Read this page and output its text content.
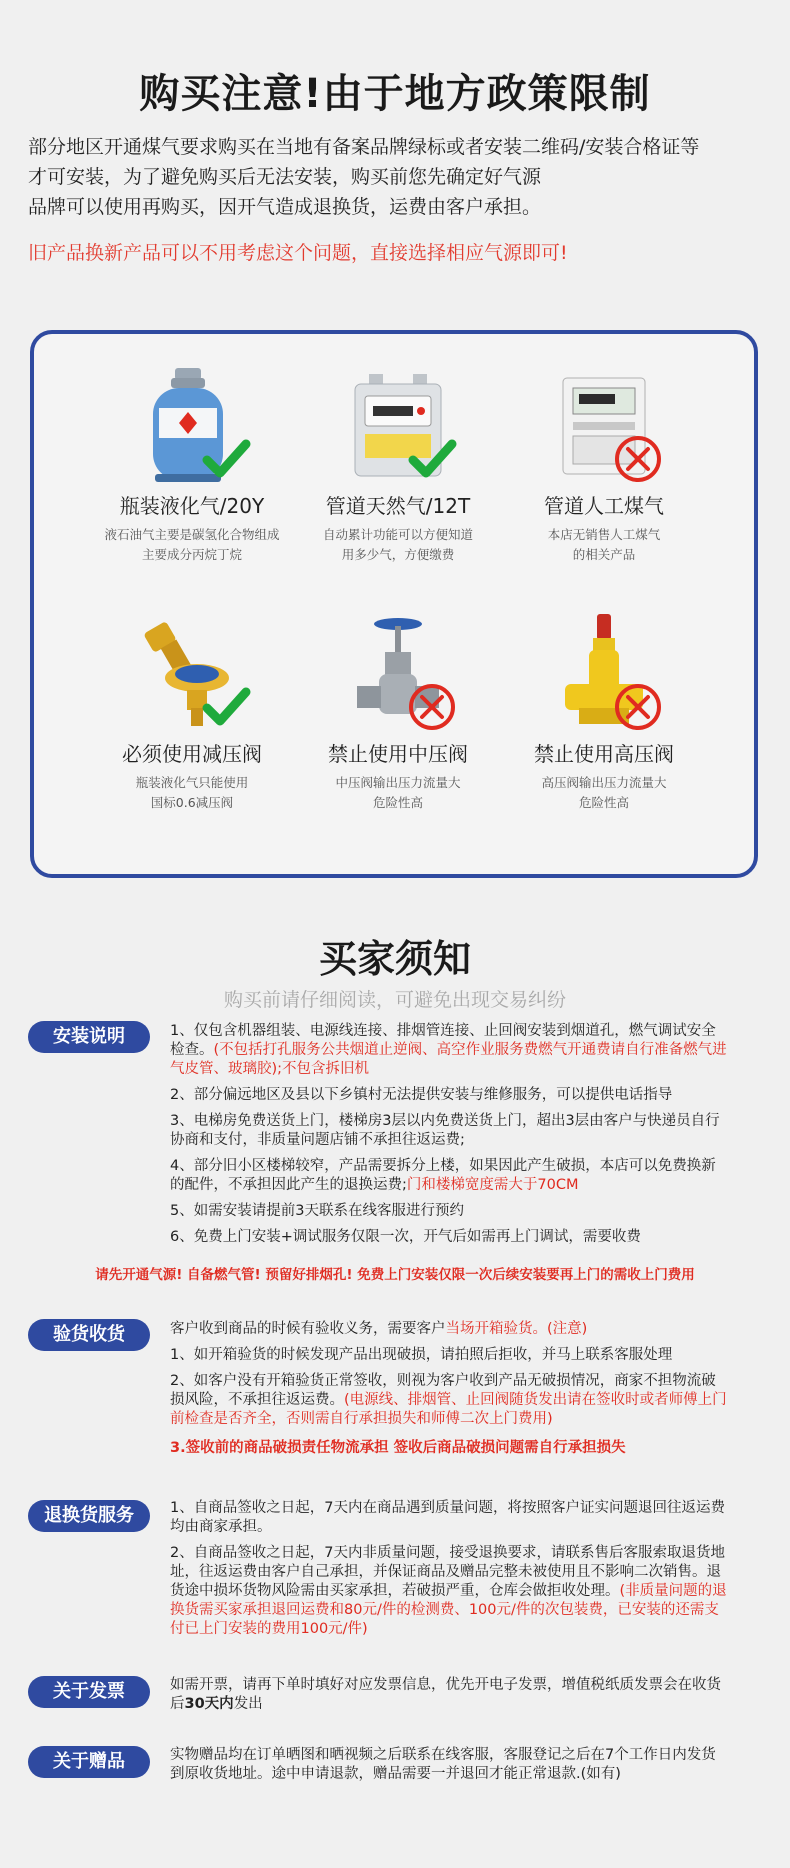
购买注意!由于地方政策限制

部分地区开通煤气要求购买在当地有备案品牌绿标或者安装二维码/安装合格证等

才可安装，为了避免购买后无法安装，购买前您先确定好气源

品牌可以使用再购买，因开气造成退换货，运费由客户承担。

旧产品换新产品可以不用考虑这个问题，直接选择相应气源即可!
瓶装液化气/20Y
液石油气主要是碳氢化合物组成
主要成分丙烷丁烷
管道天然气/12T
自动累计功能可以方便知道
用多少气，方便缴费
管道人工煤气
本店无销售人工煤气
的相关产品
必须使用减压阀
瓶装液化气只能使用
国标0.6减压阀
禁止使用中压阀
中压阀输出压力流量大
危险性高
禁止使用高压阀
高压阀输出压力流量大
危险性高
买家须知
购买前请仔细阅读，可避免出现交易纠纷
安装说明	1、仅包含机器组装、电源线连接、排烟管连接、止回阀安装到烟道孔，燃气调试安全检查。(不包括打孔服务公共烟道止逆阀、高空作业服务费燃气开通费请自行准备燃气进气皮管、玻璃胶);不包含拆旧机

2、部分偏远地区及县以下乡镇村无法提供安装与维修服务，可以提供电话指导

3、电梯房免费送货上门，楼梯房3层以内免费送货上门，超出3层由客户与快递员自行协商和支付，非质量问题店铺不承担往返运费;

4、部分旧小区楼梯较窄，产品需要拆分上楼，如果因此产生破损，本店可以免费换新的配件，不承担因此产生的退换运费;门和楼梯宽度需大于70CM

5、如需安装请提前3天联系在线客服进行预约

6、免费上门安装+调试服务仅限一次，开气后如需再上门调试，需要收费

请先开通气源! 自备燃气管! 预留好排烟孔! 免费上门安装仅限一次后续安装要再上门的需收上门费用
验货收货	客户收到商品的时候有验收义务，需要客户当场开箱验货。(注意)

1、如开箱验货的时候发现产品出现破损，请拍照后拒收，并马上联系客服处理

2、如客户没有开箱验货正常签收，则视为客户收到产品无破损情况，商家不担物流破损风险，不承担往返运费。(电源线、排烟管、止回阀随货发出请在签收时或者师傅上门前检查是否齐全，否则需自行承担损失和师傅二次上门费用)

3.签收前的商品破损责任物流承担 签收后商品破损问题需自行承担损失

退换货服务	1、自商品签收之日起，7天内在商品遇到质量问题，将按照客户证实问题退回往返运费均由商家承担。

2、自商品签收之日起，7天内非质量问题，接受退换要求，请联系售后客服索取退货地址，往返运费由客户自己承担，并保证商品及赠品完整未被使用且不影响二次销售。退货途中损坏货物风险需由买家承担，若破损严重，仓库会做拒收处理。(非质量问题的退换货需买家承担退回运费和80元/件的检测费、100元/件的次包装费，已安装的还需支付已上门安装的费用100元/件)

关于发票	如需开票，请再下单时填好对应发票信息，优先开电子发票，增值税纸质发票会在收货后30天内发出

关于赠品	实物赠品均在订单晒图和晒视频之后联系在线客服，客服登记之后在7个工作日内发货到原收货地址。途中申请退款，赠品需要一并退回才能正常退款.(如有)
